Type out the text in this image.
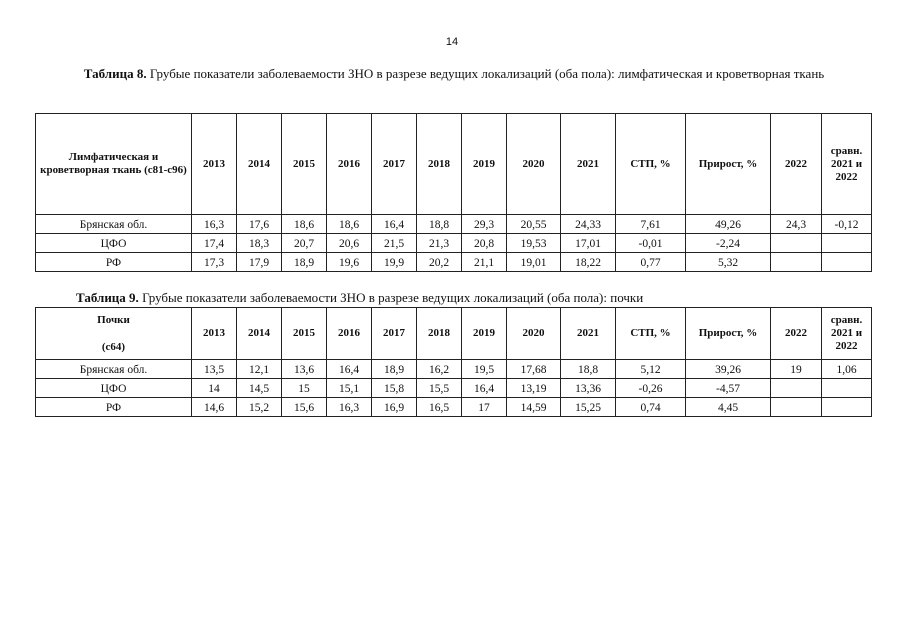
14
Таблица 8. Грубые показатели заболеваемости ЗНО в разрезе ведущих локализаций (оба пола): лимфатическая и кроветворная ткань
Лимфатическая и кроветворная ткань (с81-с96)	2013	2014	2015	2016	2017	2018	2019	2020	2021	СТП, %	Прирост, %	2022	сравн. 2021 и 2022
Брянская обл.	16,3	17,6	18,6	18,6	16,4	18,8	29,3	20,55	24,33	7,61	49,26	24,3	-0,12
ЦФО	17,4	18,3	20,7	20,6	21,5	21,3	20,8	19,53	17,01	-0,01	-2,24		
РФ	17,3	17,9	18,9	19,6	19,9	20,2	21,1	19,01	18,22	0,77	5,32		
Таблица 9. Грубые показатели заболеваемости ЗНО в разрезе ведущих локализаций (оба пола): почки
Почки
(с64)	2013	2014	2015	2016	2017	2018	2019	2020	2021	СТП, %	Прирост, %	2022	сравн. 2021 и 2022
Брянская обл.	13,5	12,1	13,6	16,4	18,9	16,2	19,5	17,68	18,8	5,12	39,26	19	1,06
ЦФО	14	14,5	15	15,1	15,8	15,5	16,4	13,19	13,36	-0,26	-4,57		
РФ	14,6	15,2	15,6	16,3	16,9	16,5	17	14,59	15,25	0,74	4,45		
